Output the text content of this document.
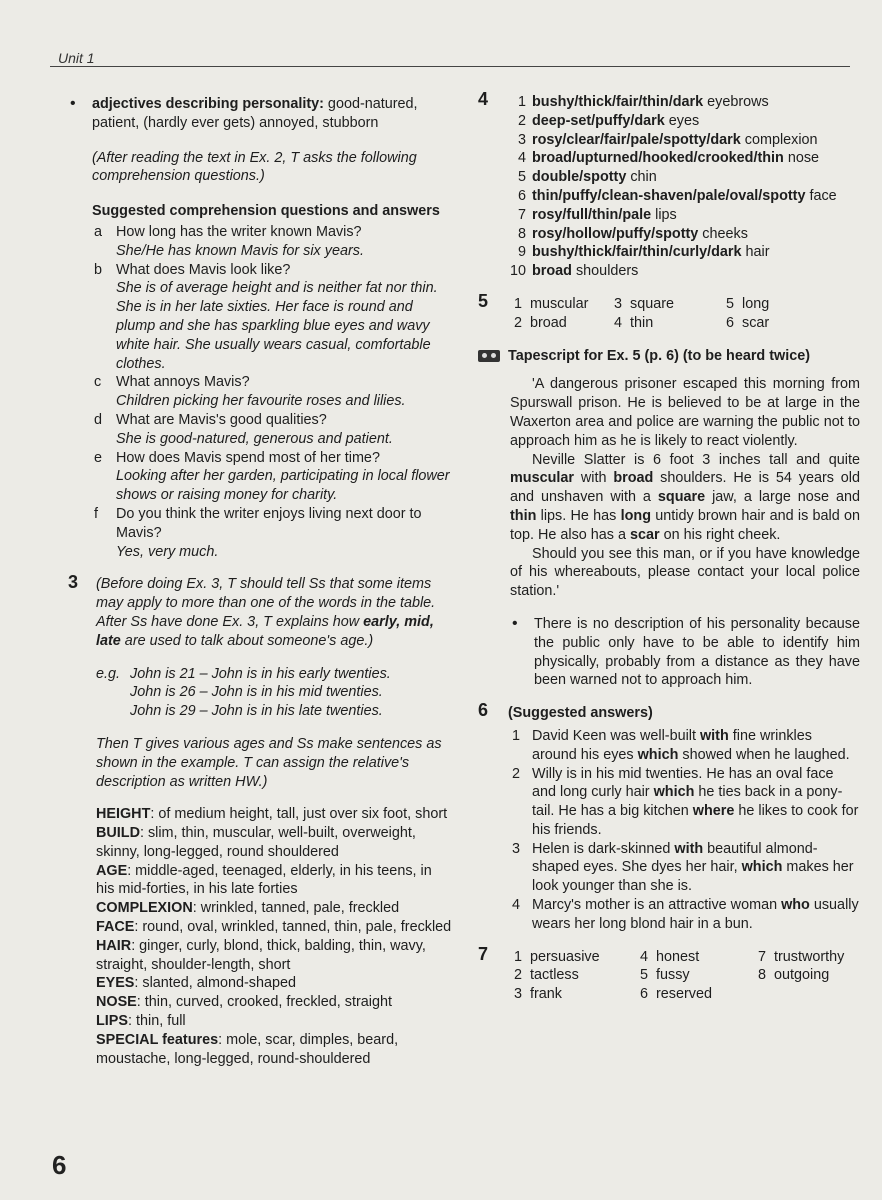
Unit 1
• adjectives describing personality: good-natured, patient, (hardly ever gets) annoyed, stubborn
(After reading the text in Ex. 2, T asks the following comprehension questions.)
Suggested comprehension questions and answers
a How long has the writer known Mavis?
She/He has known Mavis for six years.
b What does Mavis look like?
She is of average height and is neither fat nor thin. She is in her late sixties. Her face is round and plump and she has sparkling blue eyes and wavy white hair. She usually wears casual, comfortable clothes.
c What annoys Mavis?
Children picking her favourite roses and lilies.
d What are Mavis's good qualities?
She is good-natured, generous and patient.
e How does Mavis spend most of her time?
Looking after her garden, participating in local flower shows or raising money for charity.
f Do you think the writer enjoys living next door to Mavis?
Yes, very much.
3 (Before doing Ex. 3, T should tell Ss that some items may apply to more than one of the words in the table. After Ss have done Ex. 3, T explains how early, mid, late are used to talk about someone's age.)
e.g. John is 21 – John is in his early twenties.
John is 26 – John is in his mid twenties.
John is 29 – John is in his late twenties.
Then T gives various ages and Ss make sentences as shown in the example. T can assign the relative's description as written HW.)
HEIGHT: of medium height, tall, just over six foot, short
BUILD: slim, thin, muscular, well-built, overweight, skinny, long-legged, round shouldered
AGE: middle-aged, teenaged, elderly, in his teens, in his mid-forties, in his late forties
COMPLEXION: wrinkled, tanned, pale, freckled
FACE: round, oval, wrinkled, tanned, thin, pale, freckled
HAIR: ginger, curly, blond, thick, balding, thin, wavy, straight, shoulder-length, short
EYES: slanted, almond-shaped
NOSE: thin, curved, crooked, freckled, straight
LIPS: thin, full
SPECIAL features: mole, scar, dimples, beard, moustache, long-legged, round-shouldered
4	1 bushy/thick/fair/thin/dark eyebrows
2 deep-set/puffy/dark eyes
3 rosy/clear/fair/pale/spotty/dark complexion
4 broad/upturned/hooked/crooked/thin nose
5 double/spotty chin
6 thin/puffy/clean-shaven/pale/oval/spotty face
7 rosy/full/thin/pale lips
8 rosy/hollow/puffy/spotty cheeks
9 bushy/thick/fair/thin/curly/dark hair
10 broad shoulders
5	1 muscular	3 square	5 long
2 broad	4 thin	6 scar
Tapescript for Ex. 5 (p. 6) (to be heard twice)
'A dangerous prisoner escaped this morning from Spurswall prison. He is believed to be at large in the Waxerton area and police are warning the public not to approach him as he is likely to react violently.
Neville Slatter is 6 foot 3 inches tall and quite muscular with broad shoulders. He is 54 years old and unshaven with a square jaw, a large nose and thin lips. He has long untidy brown hair and is bald on top. He also has a scar on his right cheek.
Should you see this man, or if you have knowledge of his whereabouts, please contact your local police station.'
• There is no description of his personality because the public only have to be able to identify him physically, probably from a distance as they have been warned not to approach him.
6 (Suggested answers)
1 David Keen was well-built with fine wrinkles around his eyes which showed when he laughed.
2 Willy is in his mid twenties. He has an oval face and long curly hair which he ties back in a pony-tail. He has a big kitchen where he likes to cook for his friends.
3 Helen is dark-skinned with beautiful almond-shaped eyes. She dyes her hair, which makes her look younger than she is.
4 Marcy's mother is an attractive woman who usually wears her long blond hair in a bun.
7	1 persuasive	4 honest	7 trustworthy
2 tactless	5 fussy	8 outgoing
3 frank	6 reserved
6
